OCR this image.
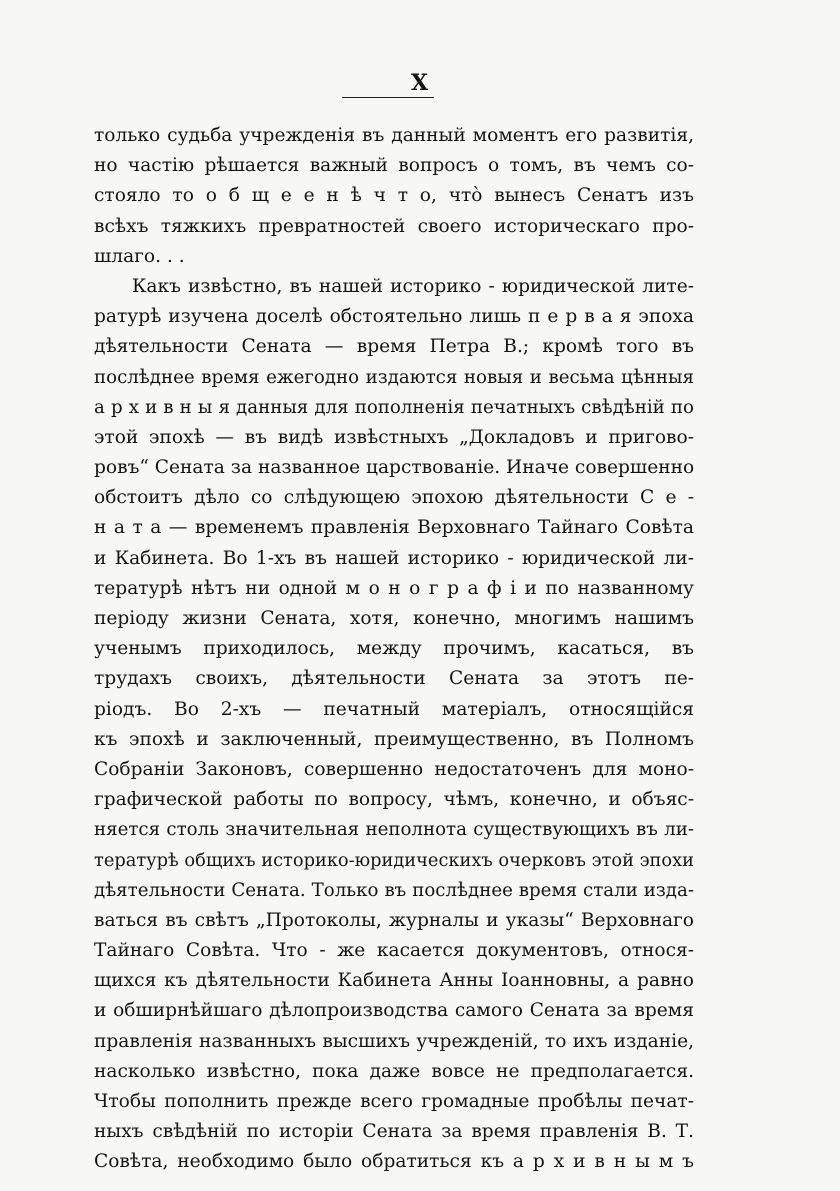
X
только судьба учрежденія въ данный моментъ его развитія,
но частію рѣшается важный вопросъ о томъ, въ чемъ со-
стояло то о б щ е е н ѣ ч т о, что̀ вынесъ Сенатъ изъ
всѣхъ тяжкихъ превратностей своего историческаго про-
шлаго. . .
Какъ извѣстно, въ нашей историко - юридической лите-
ратурѣ изучена доселѣ обстоятельно лишь п е р в а я эпоха
дѣятельности Сената — время Петра В.; кромѣ того въ
послѣднее время ежегодно издаются новыя и весьма цѣнныя
а р х и в н ы я данныя для пополненія печатныхъ свѣдѣній по
этой эпохѣ — въ видѣ извѣстныхъ „Докладовъ и пригово-
ровъ“ Сената за названное царствованіе. Иначе совершенно
обстоитъ дѣло со слѣдующею эпохою дѣятельности С е -
н а т а — временемъ правленія Верховнаго Тайнаго Совѣта
и Кабинета. Во 1-хъ въ нашей историко - юридической ли-
тературѣ нѣтъ ни одной м о н о г р а ф і и по названному
періоду жизни Сената, хотя, конечно, многимъ нашимъ
ученымъ приходилось, между прочимъ, касаться, въ
трудахъ своихъ, дѣятельности Сената за этотъ пе-
ріодъ. Во 2-хъ — печатный матеріалъ, относящійся
къ эпохѣ и заключенный, преимущественно, въ Полномъ
Собраніи Законовъ, совершенно недостаточенъ для моно-
графической работы по вопросу, чѣмъ, конечно, и объяс-
няется столь значительная неполнота существующихъ въ ли-
тературѣ общихъ историко-юридическихъ очерковъ этой эпохи
дѣятельности Сената. Только въ послѣднее время стали изда-
ваться въ свѣтъ „Протоколы, журналы и указы“ Верховнаго
Тайнаго Совѣта. Что - же касается документовъ, относя-
щихся къ дѣятельности Кабинета Анны Іоанновны, а равно
и обширнѣйшаго дѣлопроизводства самого Сената за время
правленія названныхъ высшихъ учрежденій, то ихъ изданіе,
насколько извѣстно, пока даже вовсе не предполагается.
Чтобы пополнить прежде всего громадные пробѣлы печат-
ныхъ свѣдѣній по исторіи Сената за время правленія В. Т.
Совѣта, необходимо было обратиться къ а р х и в н ы м ъ
